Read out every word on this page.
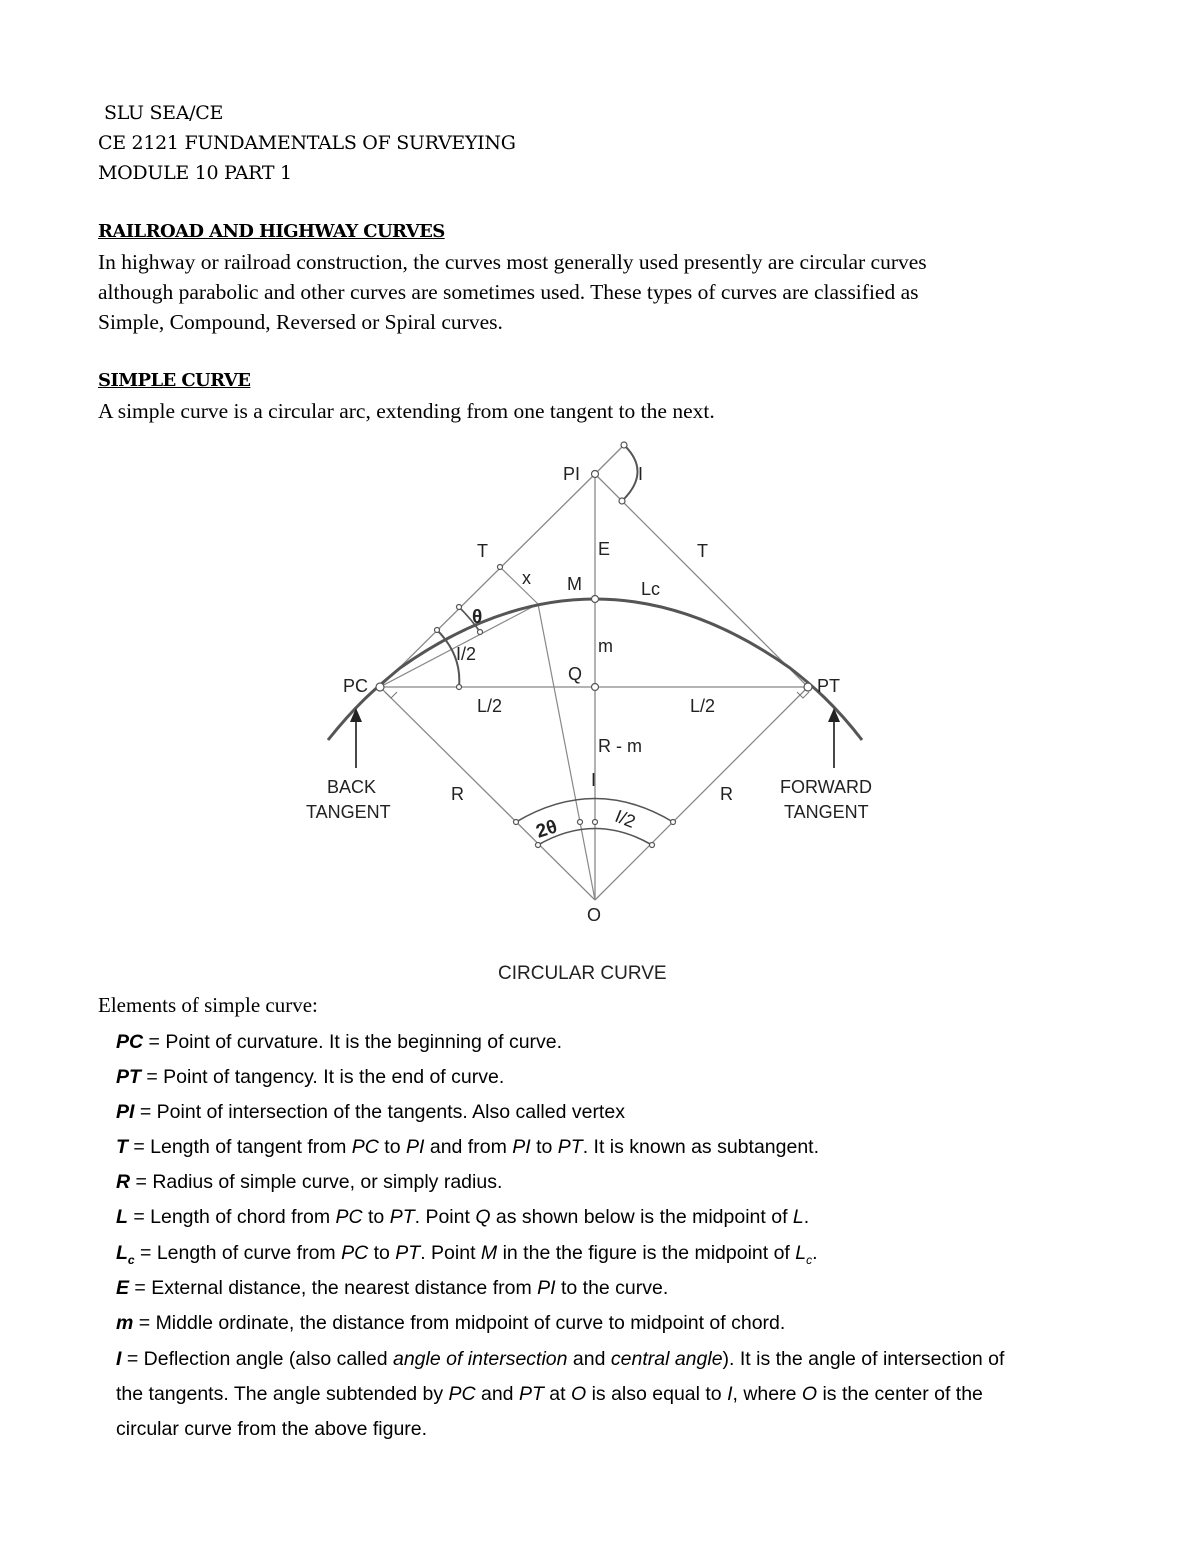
SLU SEA/CE
CE 2121 FUNDAMENTALS OF SURVEYING
MODULE 10 PART 1
RAILROAD AND HIGHWAY CURVES
In highway or railroad construction, the curves most generally used presently are circular curves
although parabolic and other curves are sometimes used. These types of curves are classified as
Simple, Compound, Reversed or Spiral curves.
SIMPLE CURVE
A simple curve is a circular arc, extending from one tangent to the next.
PI	I
T	T
E
x M	Lc
θ
I/2	m
PC
Q
PT
L/2	L/2
R - m
R	R
I
2θ	I/2
O
BACK
TANGENT
FORWARD
TANGENT
CIRCULAR CURVE
Elements of simple curve:
PC = Point of curvature. It is the beginning of curve.
PT = Point of tangency. It is the end of curve.
PI = Point of intersection of the tangents. Also called vertex
T = Length of tangent from PC to PI and from PI to PT. It is known as subtangent.
R = Radius of simple curve, or simply radius.
L = Length of chord from PC to PT. Point Q as shown below is the midpoint of L.
$L_c$ = Length of curve from PC to PT. Point M in the the figure is the midpoint of $L_c$.
E = External distance, the nearest distance from PI to the curve.
m = Middle ordinate, the distance from midpoint of curve to midpoint of chord.
I = Deflection angle (also called angle of intersection and central angle). It is the angle of intersection of
the tangents. The angle subtended by PC and PT at O is also equal to I, where O is the center of the
circular curve from the above figure.
